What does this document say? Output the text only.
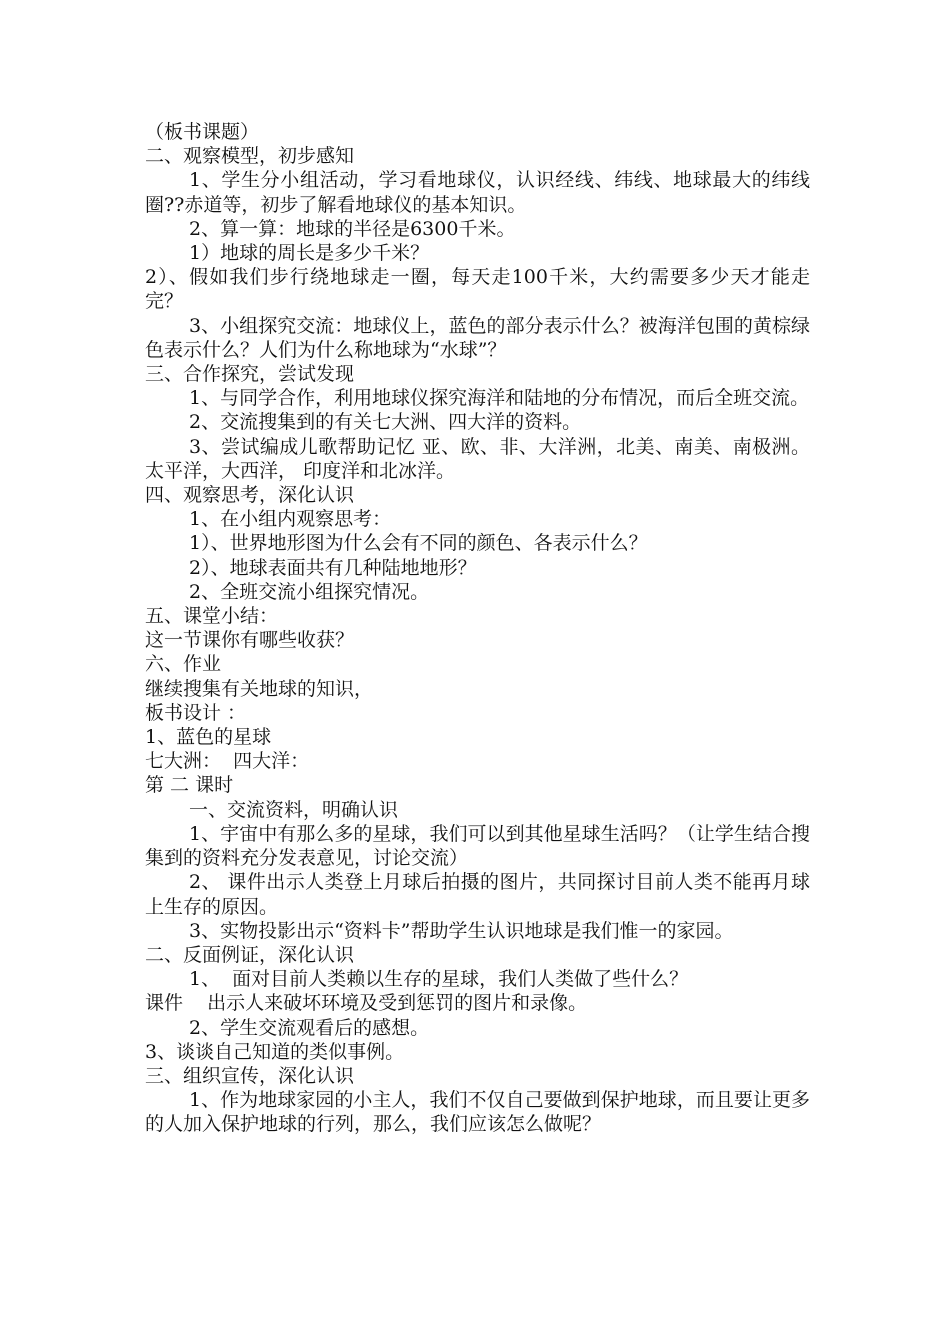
（板书课题）

二、观察模型，初步感知

1、学生分小组活动，学习看地球仪，认识经线、纬线、地球最大的纬线圈??赤道等，初步了解看地球仪的基本知识。

2、算一算：地球的半径是6300千米。

1）地球的周长是多少千米？

2）、假如我们步行绕地球走一圈，每天走100千米，大约需要多少天才能走完？

3、小组探究交流：地球仪上，蓝色的部分表示什么？被海洋包围的黄棕绿色表示什么？人们为什么称地球为“水球”？

三、合作探究，尝试发现

1、与同学合作，利用地球仪探究海洋和陆地的分布情况，而后全班交流。

2、交流搜集到的有关七大洲、四大洋的资料。

3、尝试编成儿歌帮助记忆 亚、欧、非、大洋洲，北美、南美、南极洲。太平洋，大西洋， 印度洋和北冰洋。

四、观察思考，深化认识

1、在小组内观察思考：

1）、世界地形图为什么会有不同的颜色、各表示什么？

2）、地球表面共有几种陆地地形？

2、全班交流小组探究情况。

五、课堂小结：

这一节课你有哪些收获？

六、作业

继续搜集有关地球的知识，

板书设计 ：

1、蓝色的星球

七大洲：  四大洋：

第 二 课时

一、交流资料，明确认识

1、宇宙中有那么多的星球，我们可以到其他星球生活吗？（让学生结合搜集到的资料充分发表意见，讨论交流）

2、 课件出示人类登上月球后拍摄的图片，共同探讨目前人类不能再月球上生存的原因。

3、实物投影出示“资料卡”帮助学生认识地球是我们惟一的家园。

二、反面例证，深化认识

1、  面对目前人类赖以生存的星球，我们人类做了些什么？

课件    出示人来破坏环境及受到惩罚的图片和录像。

2、学生交流观看后的感想。

3、谈谈自己知道的类似事例。

三、组织宣传，深化认识

1、作为地球家园的小主人，我们不仅自己要做到保护地球，而且要让更多的人加入保护地球的行列，那么，我们应该怎么做呢？
